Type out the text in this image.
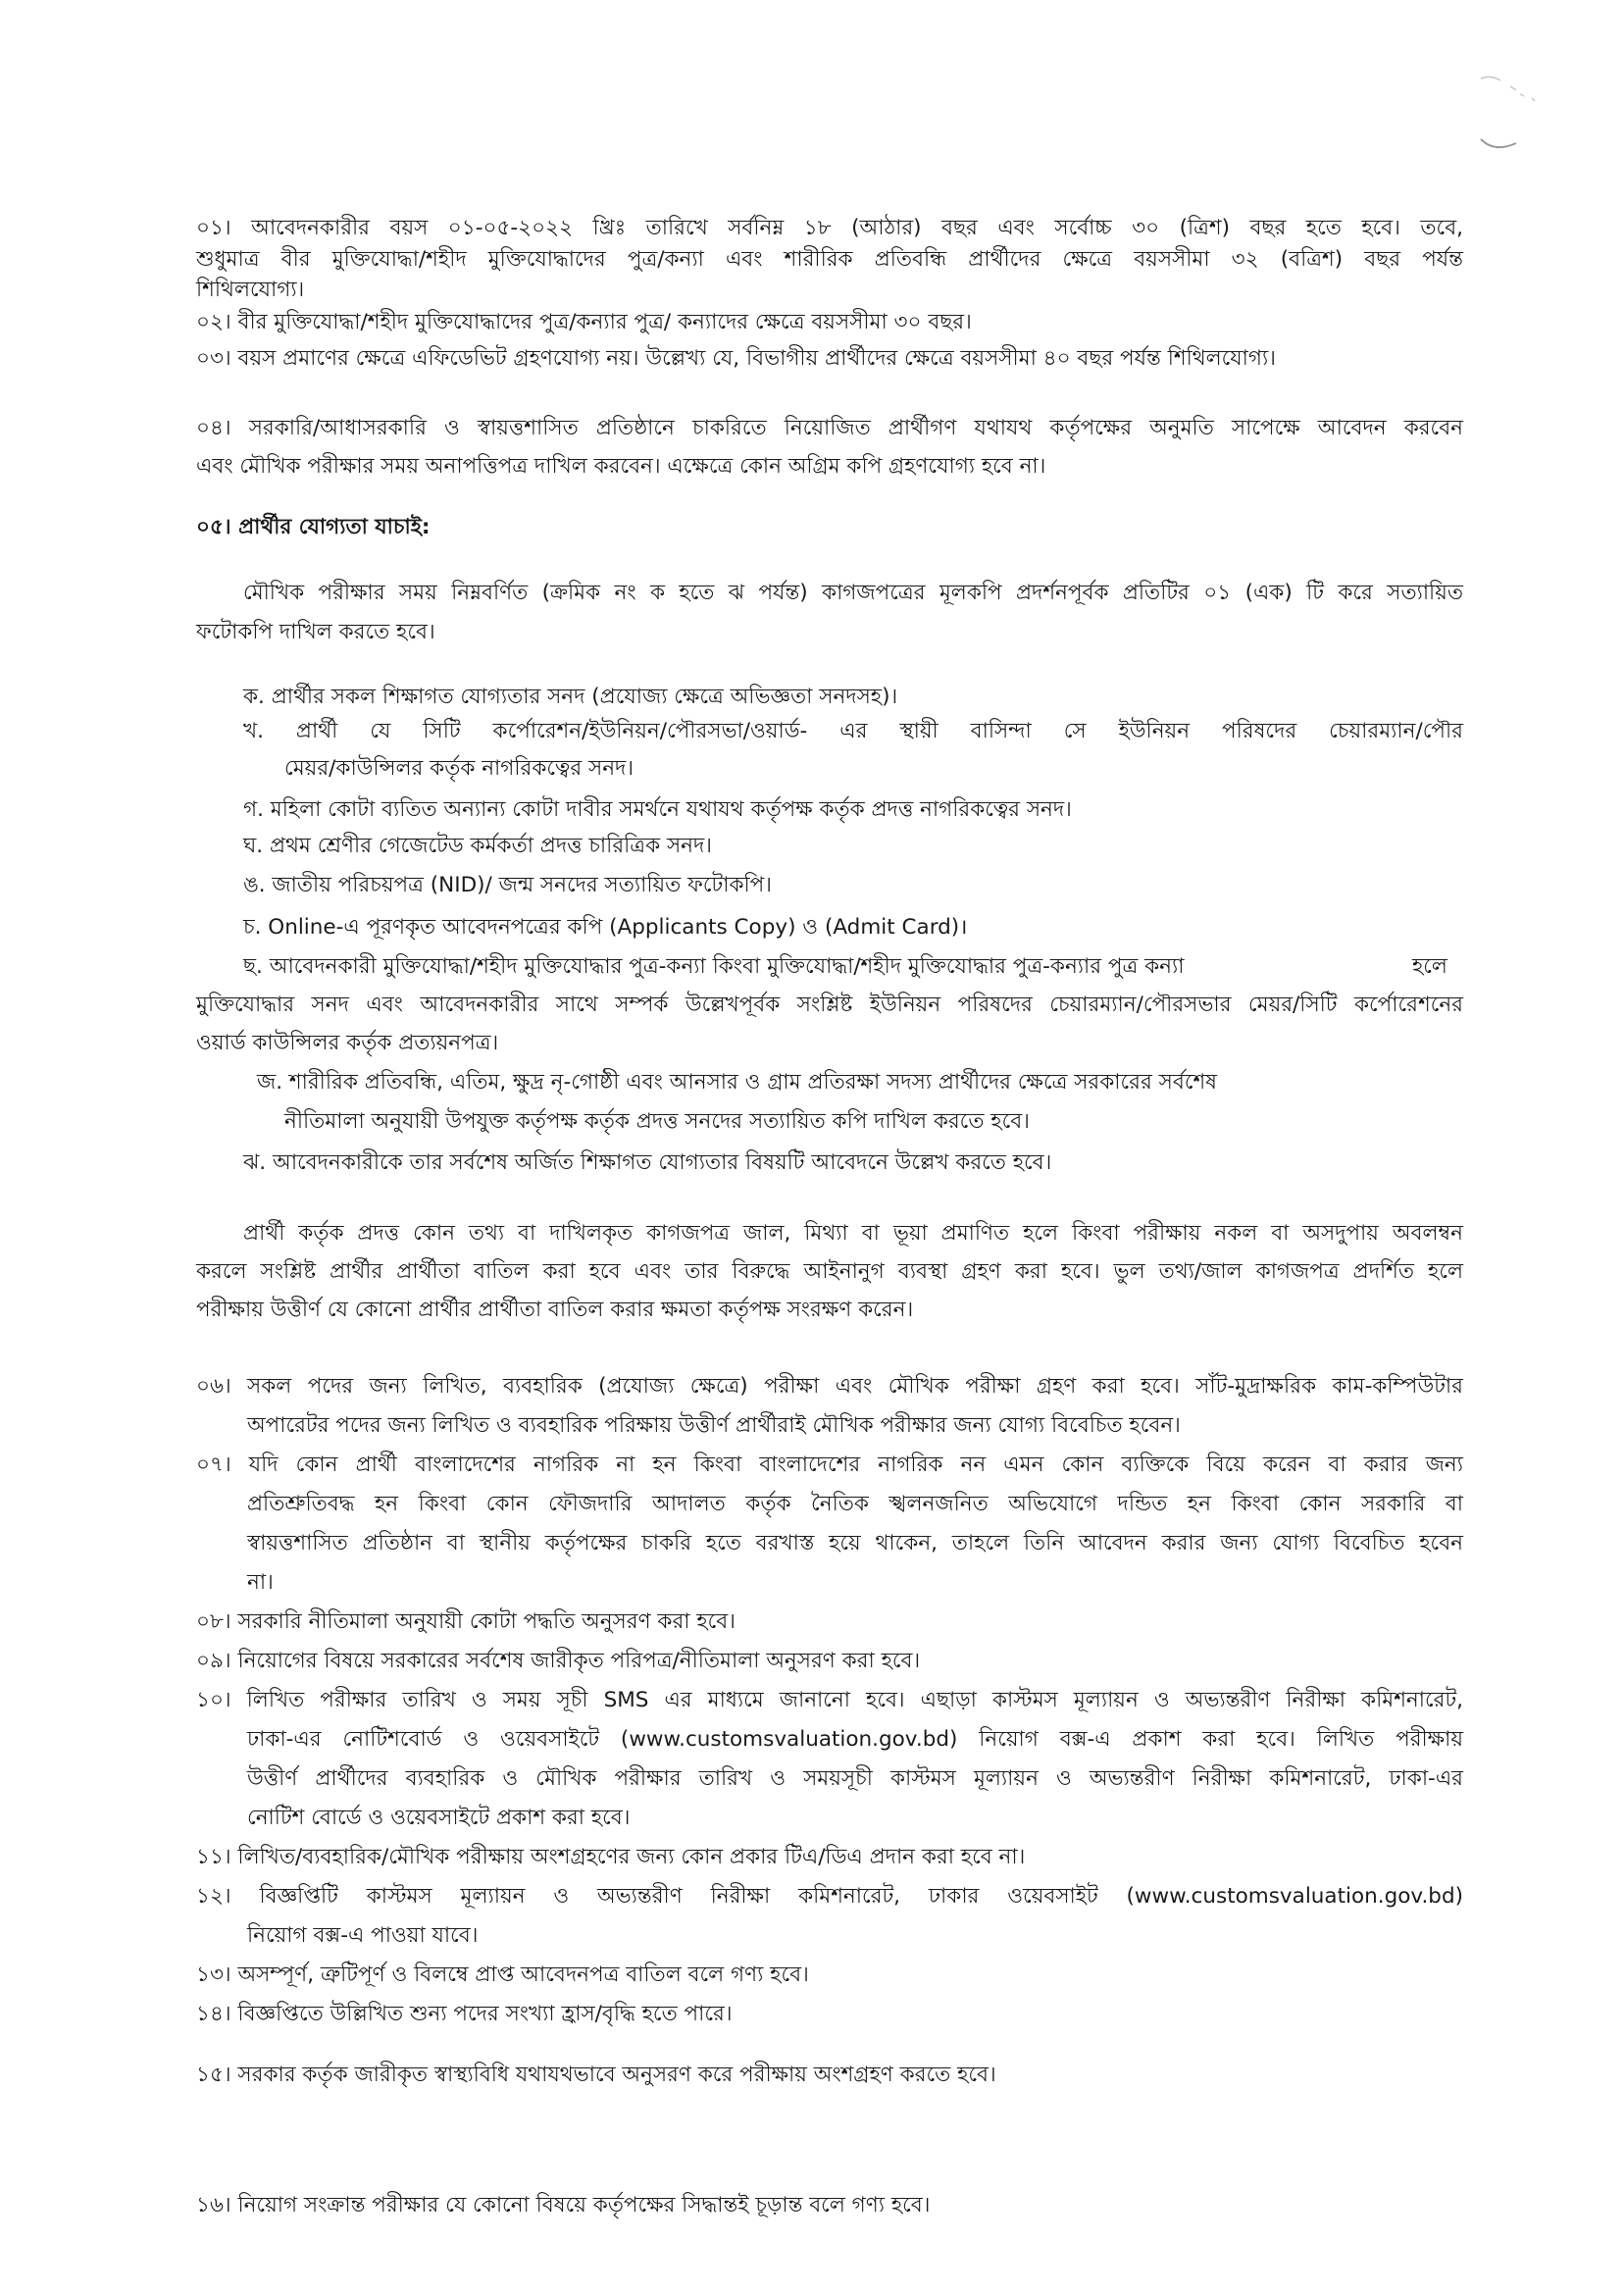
০১। আবেদনকারীর বয়স ০১-০৫-২০২২ খ্রিঃ তারিখে সর্বনিম্ন ১৮ (আঠার) বছর এবং সর্বোচ্চ ৩০ (ত্রিশ) বছর হতে হবে। তবে,
শুধুমাত্র বীর মুক্তিযোদ্ধা/শহীদ মুক্তিযোদ্ধাদের পুত্র/কন্যা এবং শারীরিক প্রতিবন্ধি প্রার্থীদের ক্ষেত্রে বয়সসীমা ৩২ (বত্রিশ) বছর পর্যন্ত
শিথিলযোগ্য।
০২। বীর মুক্তিযোদ্ধা/শহীদ মুক্তিযোদ্ধাদের পুত্র/কন্যার পুত্র/ কন্যাদের ক্ষেত্রে বয়সসীমা ৩০ বছর।
০৩। বয়স প্রমাণের ক্ষেত্রে এফিডেভিট গ্রহণযোগ্য নয়। উল্লেখ্য যে, বিভাগীয় প্রার্থীদের ক্ষেত্রে বয়সসীমা ৪০ বছর পর্যন্ত শিথিলযোগ্য।
০৪। সরকারি/আধাসরকারি ও স্বায়ত্তশাসিত প্রতিষ্ঠানে চাকরিতে নিয়োজিত প্রার্থীগণ যথাযথ কর্তৃপক্ষের অনুমতি সাপেক্ষে আবেদন করবেন
এবং মৌখিক পরীক্ষার সময় অনাপত্তিপত্র দাখিল করবেন। এক্ষেত্রে কোন অগ্রিম কপি গ্রহণযোগ্য হবে না।
০৫। প্রার্থীর যোগ্যতা যাচাই:
মৌখিক পরীক্ষার সময় নিম্নবর্ণিত (ক্রমিক নং ক হতে ঝ পর্যন্ত) কাগজপত্রের মূলকপি প্রদর্শনপূর্বক প্রতিটির ০১ (এক) টি করে সত্যায়িত
ফটোকপি দাখিল করতে হবে।
ক. প্রার্থীর সকল শিক্ষাগত যোগ্যতার সনদ (প্রযোজ্য ক্ষেত্রে অভিজ্ঞতা সনদসহ)।
খ. প্রার্থী যে সিটি কর্পোরেশন/ইউনিয়ন/পৌরসভা/ওয়ার্ড- এর স্থায়ী বাসিন্দা সে ইউনিয়ন পরিষদের চেয়ারম্যান/পৌর
মেয়র/কাউন্সিলর কর্তৃক নাগরিকত্বের সনদ।
গ. মহিলা কোটা ব্যতিত অন্যান্য কোটা দাবীর সমর্থনে যথাযথ কর্তৃপক্ষ কর্তৃক প্রদত্ত নাগরিকত্বের সনদ।
ঘ. প্রথম শ্রেণীর গেজেটেড কর্মকর্তা প্রদত্ত চারিত্রিক সনদ।
ঙ. জাতীয় পরিচয়পত্র (NID)/ জন্ম সনদের সত্যায়িত ফটোকপি।
চ. Online-এ পূরণকৃত আবেদনপত্রের কপি (Applicants Copy) ও (Admit Card)।
ছ. আবেদনকারী মুক্তিযোদ্ধা/শহীদ মুক্তিযোদ্ধার পুত্র-কন্যা কিংবা মুক্তিযোদ্ধা/শহীদ মুক্তিযোদ্ধার পুত্র-কন্যার পুত্র কন্যা	হলে
মুক্তিযোদ্ধার সনদ এবং আবেদনকারীর সাথে সম্পর্ক উল্লেখপূর্বক সংশ্লিষ্ট ইউনিয়ন পরিষদের চেয়ারম্যান/পৌরসভার মেয়র/সিটি কর্পোরেশনের
ওয়ার্ড কাউন্সিলর কর্তৃক প্রত্যয়নপত্র।
জ. শারীরিক প্রতিবন্ধি, এতিম, ক্ষুদ্র নৃ-গোষ্ঠী এবং আনসার ও গ্রাম প্রতিরক্ষা সদস্য প্রার্থীদের ক্ষেত্রে সরকারের সর্বশেষ
নীতিমালা অনুযায়ী উপযুক্ত কর্তৃপক্ষ কর্তৃক প্রদত্ত সনদের সত্যায়িত কপি দাখিল করতে হবে।
ঝ. আবেদনকারীকে তার সর্বশেষ অর্জিত শিক্ষাগত যোগ্যতার বিষয়টি আবেদনে উল্লেখ করতে হবে।
প্রার্থী কর্তৃক প্রদত্ত কোন তথ্য বা দাখিলকৃত কাগজপত্র জাল, মিথ্যা বা ভূয়া প্রমাণিত হলে কিংবা পরীক্ষায় নকল বা অসদুপায় অবলম্বন
করলে সংশ্লিষ্ট প্রার্থীর প্রার্থীতা বাতিল করা হবে এবং তার বিরুদ্ধে আইনানুগ ব্যবস্থা গ্রহণ করা হবে। ভুল তথ্য/জাল কাগজপত্র প্রদর্শিত হলে
পরীক্ষায় উত্তীর্ণ যে কোনো প্রার্থীর প্রার্থীতা বাতিল করার ক্ষমতা কর্তৃপক্ষ সংরক্ষণ করেন।
০৬। সকল পদের জন্য লিখিত, ব্যবহারিক (প্রযোজ্য ক্ষেত্রে) পরীক্ষা এবং মৌখিক পরীক্ষা গ্রহণ করা হবে। সাঁট-মুদ্রাক্ষরিক কাম-কম্পিউটার
অপারেটর পদের জন্য লিখিত ও ব্যবহারিক পরিক্ষায় উত্তীর্ণ প্রার্থীরাই মৌখিক পরীক্ষার জন্য যোগ্য বিবেচিত হবেন।
০৭। যদি কোন প্রার্থী বাংলাদেশের নাগরিক না হন কিংবা বাংলাদেশের নাগরিক নন এমন কোন ব্যক্তিকে বিয়ে করেন বা করার জন্য
প্রতিশ্রুতিবদ্ধ হন কিংবা কোন ফৌজদারি আদালত কর্তৃক নৈতিক স্খলনজনিত অভিযোগে দন্ডিত হন কিংবা কোন সরকারি বা
স্বায়ত্তশাসিত প্রতিষ্ঠান বা স্থানীয় কর্তৃপক্ষের চাকরি হতে বরখাস্ত হয়ে থাকেন, তাহলে তিনি আবেদন করার জন্য যোগ্য বিবেচিত হবেন
না।
০৮। সরকারি নীতিমালা অনুযায়ী কোটা পদ্ধতি অনুসরণ করা হবে।
০৯। নিয়োগের বিষয়ে সরকারের সর্বশেষ জারীকৃত পরিপত্র/নীতিমালা অনুসরণ করা হবে।
১০। লিখিত পরীক্ষার তারিখ ও সময় সূচী SMS এর মাধ্যমে জানানো হবে। এছাড়া কাস্টমস মূল্যায়ন ও অভ্যন্তরীণ নিরীক্ষা কমিশনারেট,
ঢাকা-এর নোটিশবোর্ড ও ওয়েবসাইটে (www.customsvaluation.gov.bd) নিয়োগ বক্স-এ প্রকাশ করা হবে। লিখিত পরীক্ষায়
উত্তীর্ণ প্রার্থীদের ব্যবহারিক ও মৌখিক পরীক্ষার তারিখ ও সময়সূচী কাস্টমস মূল্যায়ন ও অভ্যন্তরীণ নিরীক্ষা কমিশনারেট, ঢাকা-এর
নোটিশ বোর্ডে ও ওয়েবসাইটে প্রকাশ করা হবে।
১১। লিখিত/ব্যবহারিক/মৌখিক পরীক্ষায় অংশগ্রহণের জন্য কোন প্রকার টিএ/ডিএ প্রদান করা হবে না।
১২। বিজ্ঞপ্তিটি কাস্টমস মূল্যায়ন ও অভ্যন্তরীণ নিরীক্ষা কমিশনারেট, ঢাকার ওয়েবসাইট (www.customsvaluation.gov.bd)
নিয়োগ বক্স-এ পাওয়া যাবে।
১৩। অসম্পূর্ণ, ত্রুটিপূর্ণ ও বিলম্বে প্রাপ্ত আবেদনপত্র বাতিল বলে গণ্য হবে।
১৪। বিজ্ঞপ্তিতে উল্লিখিত শুন্য পদের সংখ্যা হ্রাস/বৃদ্ধি হতে পারে।
১৫। সরকার কর্তৃক জারীকৃত স্বাস্থ্যবিধি যথাযথভাবে অনুসরণ করে পরীক্ষায় অংশগ্রহণ করতে হবে।
১৬। নিয়োগ সংক্রান্ত পরীক্ষার যে কোনো বিষয়ে কর্তৃপক্ষের সিদ্ধান্তই চূড়ান্ত বলে গণ্য হবে।
